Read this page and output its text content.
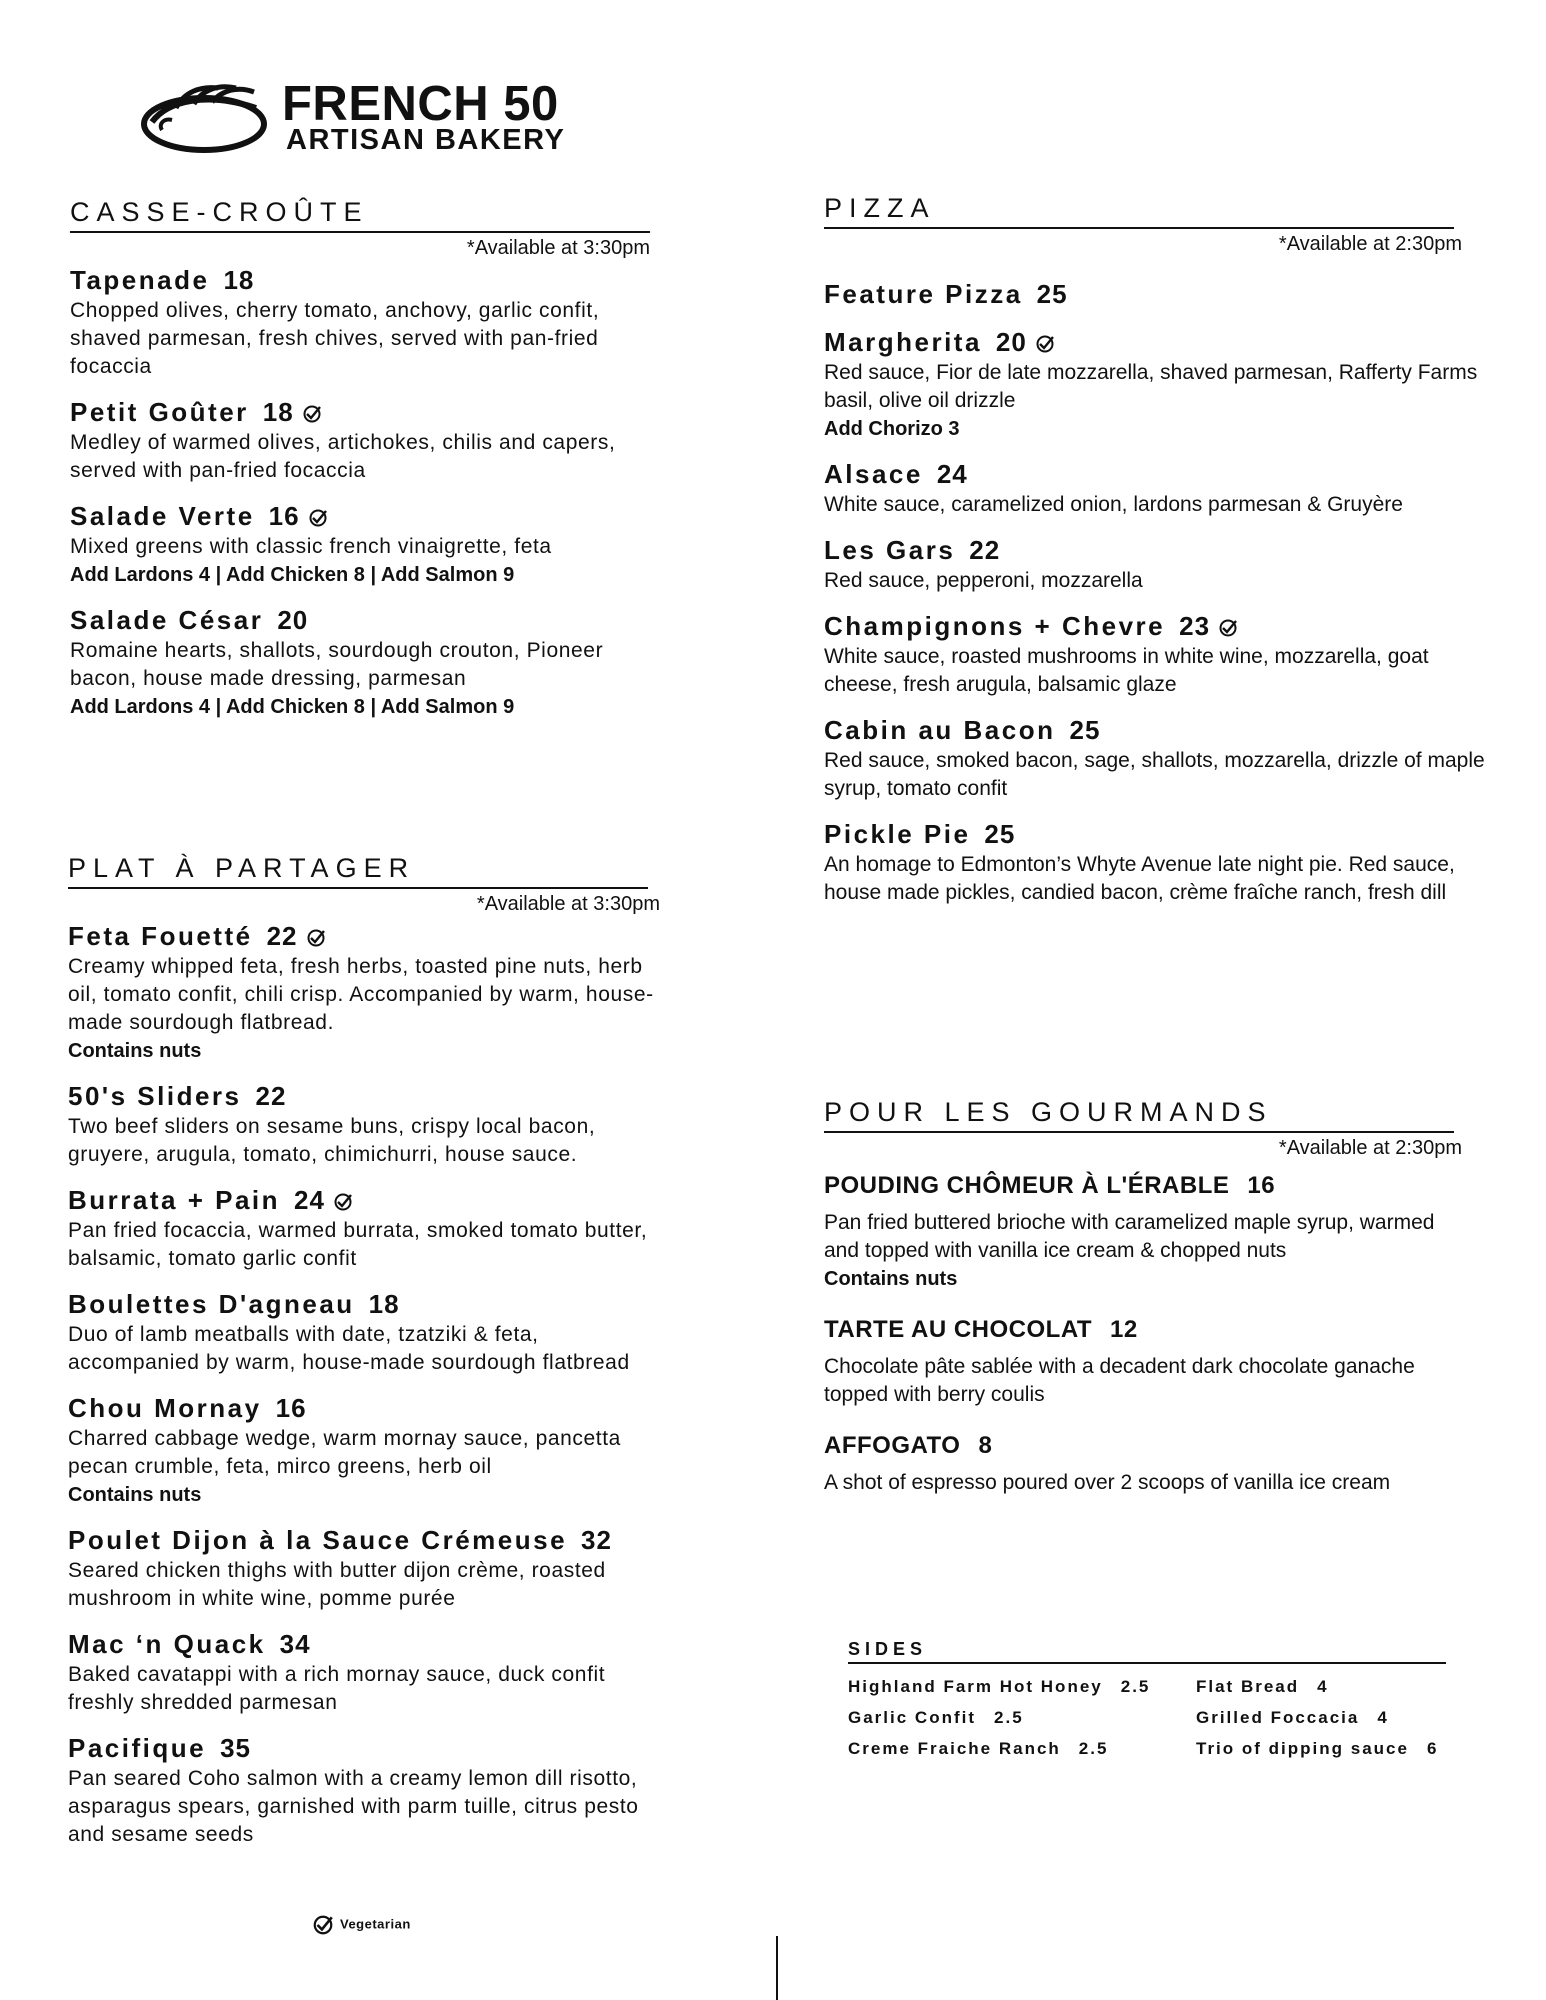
FRENCH 50
ARTISAN BAKERY
CASSE-CROÛTE
*Available at 3:30pm
Tapenade 18
Chopped olives, cherry tomato, anchovy, garlic confit, shaved parmesan, fresh chives, served with pan-fried focaccia
Petit Goûter 18
Medley of warmed olives, artichokes, chilis and capers, served with pan-fried focaccia
Salade Verte 16
Mixed greens with classic french vinaigrette, feta
Add Lardons 4 | Add Chicken 8 | Add Salmon 9
Salade César 20
Romaine hearts, shallots, sourdough crouton, Pioneer bacon, house made dressing, parmesan
Add Lardons 4 | Add Chicken 8 | Add Salmon 9
PLAT À PARTAGER
*Available at 3:30pm
Feta Fouetté 22
Creamy whipped feta, fresh herbs, toasted pine nuts, herb oil, tomato confit, chili crisp. Accompanied by warm, house-made sourdough flatbread.
Contains nuts
50's Sliders 22
Two beef sliders on sesame buns, crispy local bacon, gruyere, arugula, tomato, chimichurri, house sauce.
Burrata + Pain 24
Pan fried focaccia, warmed burrata, smoked tomato butter, balsamic, tomato garlic confit
Boulettes D'agneau 18
Duo of lamb meatballs with date, tzatziki & feta, accompanied by warm, house-made sourdough flatbread
Chou Mornay 16
Charred cabbage wedge, warm mornay sauce, pancetta pecan crumble, feta, mirco greens, herb oil
Contains nuts
Poulet Dijon à la Sauce Crémeuse 32
Seared chicken thighs with butter dijon crème, roasted mushroom in white wine, pomme purée
Mac ‘n Quack 34
Baked cavatappi with a rich mornay sauce, duck confit freshly shredded parmesan
Pacifique 35
Pan seared Coho salmon with a creamy lemon dill risotto, asparagus spears, garnished with parm tuille, citrus pesto and sesame seeds
PIZZA
*Available at 2:30pm
Feature Pizza 25
Margherita 20
Red sauce, Fior de late mozzarella, shaved parmesan, Rafferty Farms basil, olive oil drizzle
Add Chorizo 3
Alsace 24
White sauce, caramelized onion, lardons parmesan & Gruyère
Les Gars 22
Red sauce, pepperoni, mozzarella
Champignons + Chevre 23
White sauce, roasted mushrooms in white wine, mozzarella, goat cheese, fresh arugula, balsamic glaze
Cabin au Bacon 25
Red sauce, smoked bacon, sage, shallots, mozzarella, drizzle of maple syrup, tomato confit
Pickle Pie 25
An homage to Edmonton’s Whyte Avenue late night pie. Red sauce, house made pickles, candied bacon, crème fraîche ranch, fresh dill
POUR LES GOURMANDS
*Available at 2:30pm
POUDING CHÔMEUR À L'ÉRABLE 16
Pan fried buttered brioche with caramelized maple syrup, warmed and topped with vanilla ice cream & chopped nuts
Contains nuts
TARTE AU CHOCOLAT 12
Chocolate pâte sablée with a decadent dark chocolate ganache topped with berry coulis
AFFOGATO 8
A shot of espresso poured over 2 scoops of vanilla ice cream
SIDES
Highland Farm Hot Honey 2.5
Garlic Confit 2.5
Creme Fraiche Ranch 2.5
Flat Bread 4
Grilled Foccacia 4
Trio of dipping sauce 6
Vegetarian
